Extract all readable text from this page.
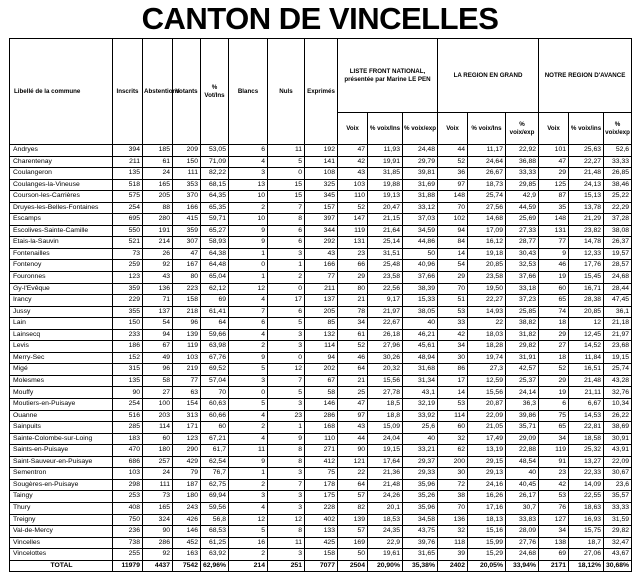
CANTON DE VINCELLES
Libellé de la commune	Inscrits	Abstentions	Votants	% Vot/Ins	Blancs	Nuls	Exprimés	LISTE FRONT NATIONAL, présentée par Marine LE PEN			LA REGION EN GRAND			NOTRE REGION D'AVANCE		
								Voix	% voix/Ins	% voix/exp	Voix	% voix/Ins	% voix/exp	Voix	% voix/ins	% voix/exp
Andryes	394	185	209	53,05	6	11	192	47	11,93	24,48	44	11,17	22,92	101	25,63	52,6
Charentenay	211	61	150	71,09	4	5	141	42	19,91	29,79	52	24,64	36,88	47	22,27	33,33
Coulangeron	135	24	111	82,22	3	0	108	43	31,85	39,81	36	26,67	33,33	29	21,48	26,85
Coulanges-la-Vineuse	518	165	353	68,15	13	15	325	103	19,88	31,69	97	18,73	29,85	125	24,13	38,46
Courson-les-Carrières	575	205	370	64,35	10	15	345	110	19,13	31,88	148	25,74	42,9	87	15,13	25,22
Druyes-les-Belles-Fontaines	254	88	166	65,35	2	7	157	52	20,47	33,12	70	27,56	44,59	35	13,78	22,29
Escamps	695	280	415	59,71	10	8	397	147	21,15	37,03	102	14,68	25,69	148	21,29	37,28
Escolives-Sainte-Camille	550	191	359	65,27	9	6	344	119	21,64	34,59	94	17,09	27,33	131	23,82	38,08
Etais-la-Sauvin	521	214	307	58,93	9	6	292	131	25,14	44,86	84	16,12	28,77	77	14,78	26,37
Fontenailles	73	26	47	64,38	1	3	43	23	31,51	50	14	19,18	30,43	9	12,33	19,57
Fontenoy	259	92	167	64,48	0	1	166	66	25,48	40,96	54	20,85	32,53	46	17,76	28,57
Fouronnes	123	43	80	65,04	1	2	77	29	23,58	37,66	29	23,58	37,66	19	15,45	24,68
Gy-l'Evêque	359	136	223	62,12	12	0	211	80	22,56	38,39	70	19,50	33,18	60	16,71	28,44
Irancy	229	71	158	69	4	17	137	21	9,17	15,33	51	22,27	37,23	65	28,38	47,45
Jussy	355	137	218	61,41	7	6	205	78	21,97	38,05	53	14,93	25,85	74	20,85	36,1
Lain	150	54	96	64	6	5	85	34	22,67	40	33	22	38,82	18	12	21,18
Lainsecq	233	94	139	59,66	4	3	132	61	26,18	46,21	42	18,03	31,82	29	12,45	21,97
Levis	186	67	119	63,98	2	3	114	52	27,96	45,61	34	18,28	29,82	27	14,52	23,68
Merry-Sec	152	49	103	67,76	9	0	94	46	30,26	48,94	30	19,74	31,91	18	11,84	19,15
Migé	315	96	219	69,52	5	12	202	64	20,32	31,68	86	27,3	42,57	52	16,51	25,74
Molesmes	135	58	77	57,04	3	7	67	21	15,56	31,34	17	12,59	25,37	29	21,48	43,28
Mouffy	90	27	63	70	0	5	58	25	27,78	43,1	14	15,56	24,14	19	21,11	32,76
Moutiers-en-Puisaye	254	100	154	60,63	5	3	146	47	18,5	32,19	53	20,87	36,3	6	6,67	10,34
Ouanne	516	203	313	60,66	4	23	286	97	18,8	33,92	114	22,09	39,86	75	14,53	26,22
Sainpuits	285	114	171	60	2	1	168	43	15,09	25,6	60	21,05	35,71	65	22,81	38,69
Sainte-Colombe-sur-Loing	183	60	123	67,21	4	9	110	44	24,04	40	32	17,49	29,09	34	18,58	30,91
Saints-en-Puisaye	470	180	290	61,7	11	8	271	90	19,15	33,21	62	13,19	22,88	119	25,32	43,91
Saint-Sauveur-en-Puisaye	686	257	429	62,54	9	8	412	121	17,64	29,37	200	29,15	48,54	91	13,27	22,09
Sementron	103	24	79	76,7	1	3	75	22	21,36	29,33	30	29,13	40	23	22,33	30,67
Sougères-en-Puisaye	298	111	187	62,75	2	7	178	64	21,48	35,96	72	24,16	40,45	42	14,09	23,6
Taingy	253	73	180	69,94	3	3	175	57	24,26	35,26	38	16,26	26,17	53	22,55	35,57
Thury	408	165	243	59,56	4	3	228	82	20,1	35,96	70	17,16	30,7	76	18,63	33,33
Treigny	750	324	426	56,8	12	12	402	139	18,53	34,58	136	18,13	33,83	127	16,93	31,59
Val-de-Mercy	236	90	146	68,53	5	8	133	57	24,35	43,75	32	15,16	28,09	34	15,75	29,82
Vincelles	738	286	452	61,25	16	11	425	169	22,9	39,76	118	15,99	27,76	138	18,7	32,47
Vincelottes	255	92	163	63,92	2	3	158	50	19,61	31,65	39	15,29	24,68	69	27,06	43,67
TOTAL	11979	4437	7542	62,96%	214	251	7077	2504	20,90%	35,38%	2402	20,05%	33,94%	2171	18,12%	30,68%
